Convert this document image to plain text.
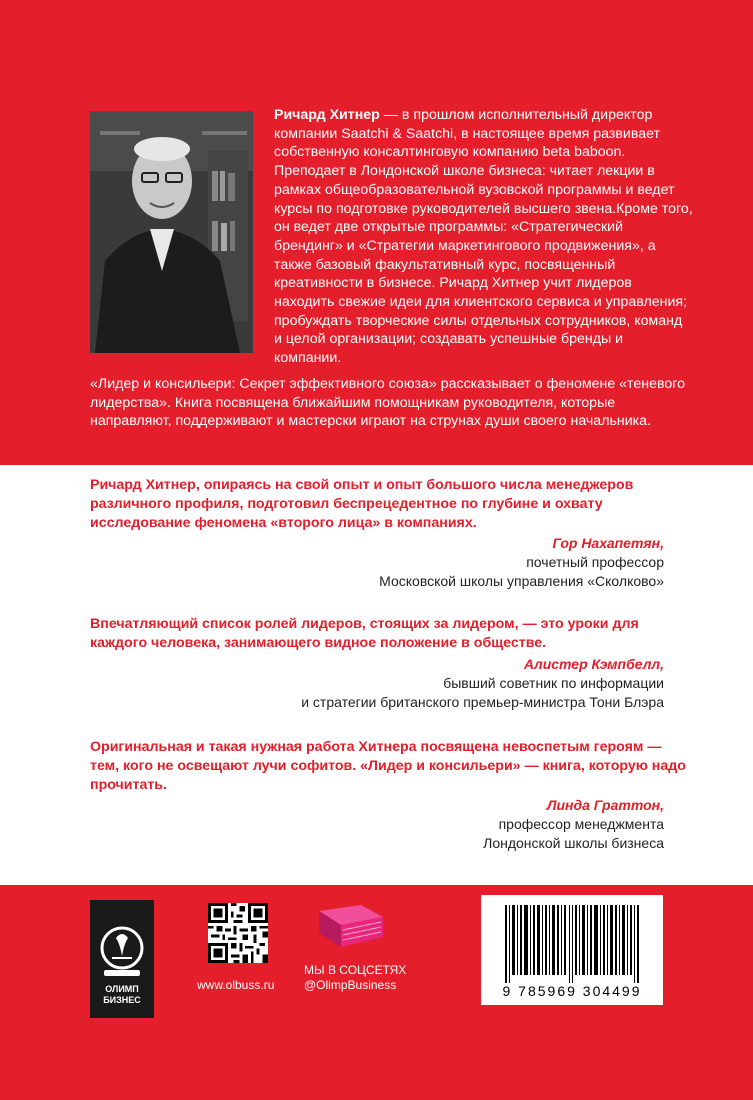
Ричард Хитнер — в прошлом исполнительный директор компании Saatchi & Saatchi, в настоящее время развивает собственную консалтинговую компанию beta baboon. Преподает в Лондонской школе бизнеса: читает лекции в рамках общеобразовательной вузовской программы и ведет курсы по подготовке руководителей высшего звена.Кроме того, он ведет две открытые программы: «Стратегический брендинг» и «Стратегии маркетингового продвижения», а также базовый факультативный курс, посвященный креативности в бизнесе. Ричард Хитнер учит лидеров находить свежие идеи для клиентского сервиса и управления; пробуждать творческие силы отдельных сотрудников, команд и целой организации; создавать успешные бренды и компании.

«Лидер и консильери: Секрет эффективного союза» рассказывает о феномене «теневого лидерства». Книга посвящена ближайшим помощникам руководителя, которые направляют, поддерживают и мастерски играют на струнах души своего начальника.

Ричард Хитнер, опираясь на свой опыт и опыт большого числа менеджеров различного профиля, подготовил беспрецедентное по глубине и охвату исследование феномена «второго лица» в компаниях.

Гор Нахапетян,
почетный профессор
Московской школы управления «Сколково»

Впечатляющий список ролей лидеров, стоящих за лидером, — это уроки для каждого человека, занимающего видное положение в обществе.

Алистер Кэмпбелл,
бывший советник по информации
и стратегии британского премьер-министра Тони Блэра

Оригинальная и такая нужная работа Хитнера посвящена невоспетым героям — тем, кого не освещают лучи софитов. «Лидер и консильери» — книга, которую надо прочитать.

Линда Граттон,
профессор менеджмента
Лондонской школы бизнеса
ОЛИМП
БИЗНЕС
www.olbuss.ru
МЫ В СОЦСЕТЯХ
@OlimpBusiness	9 785969 304499
